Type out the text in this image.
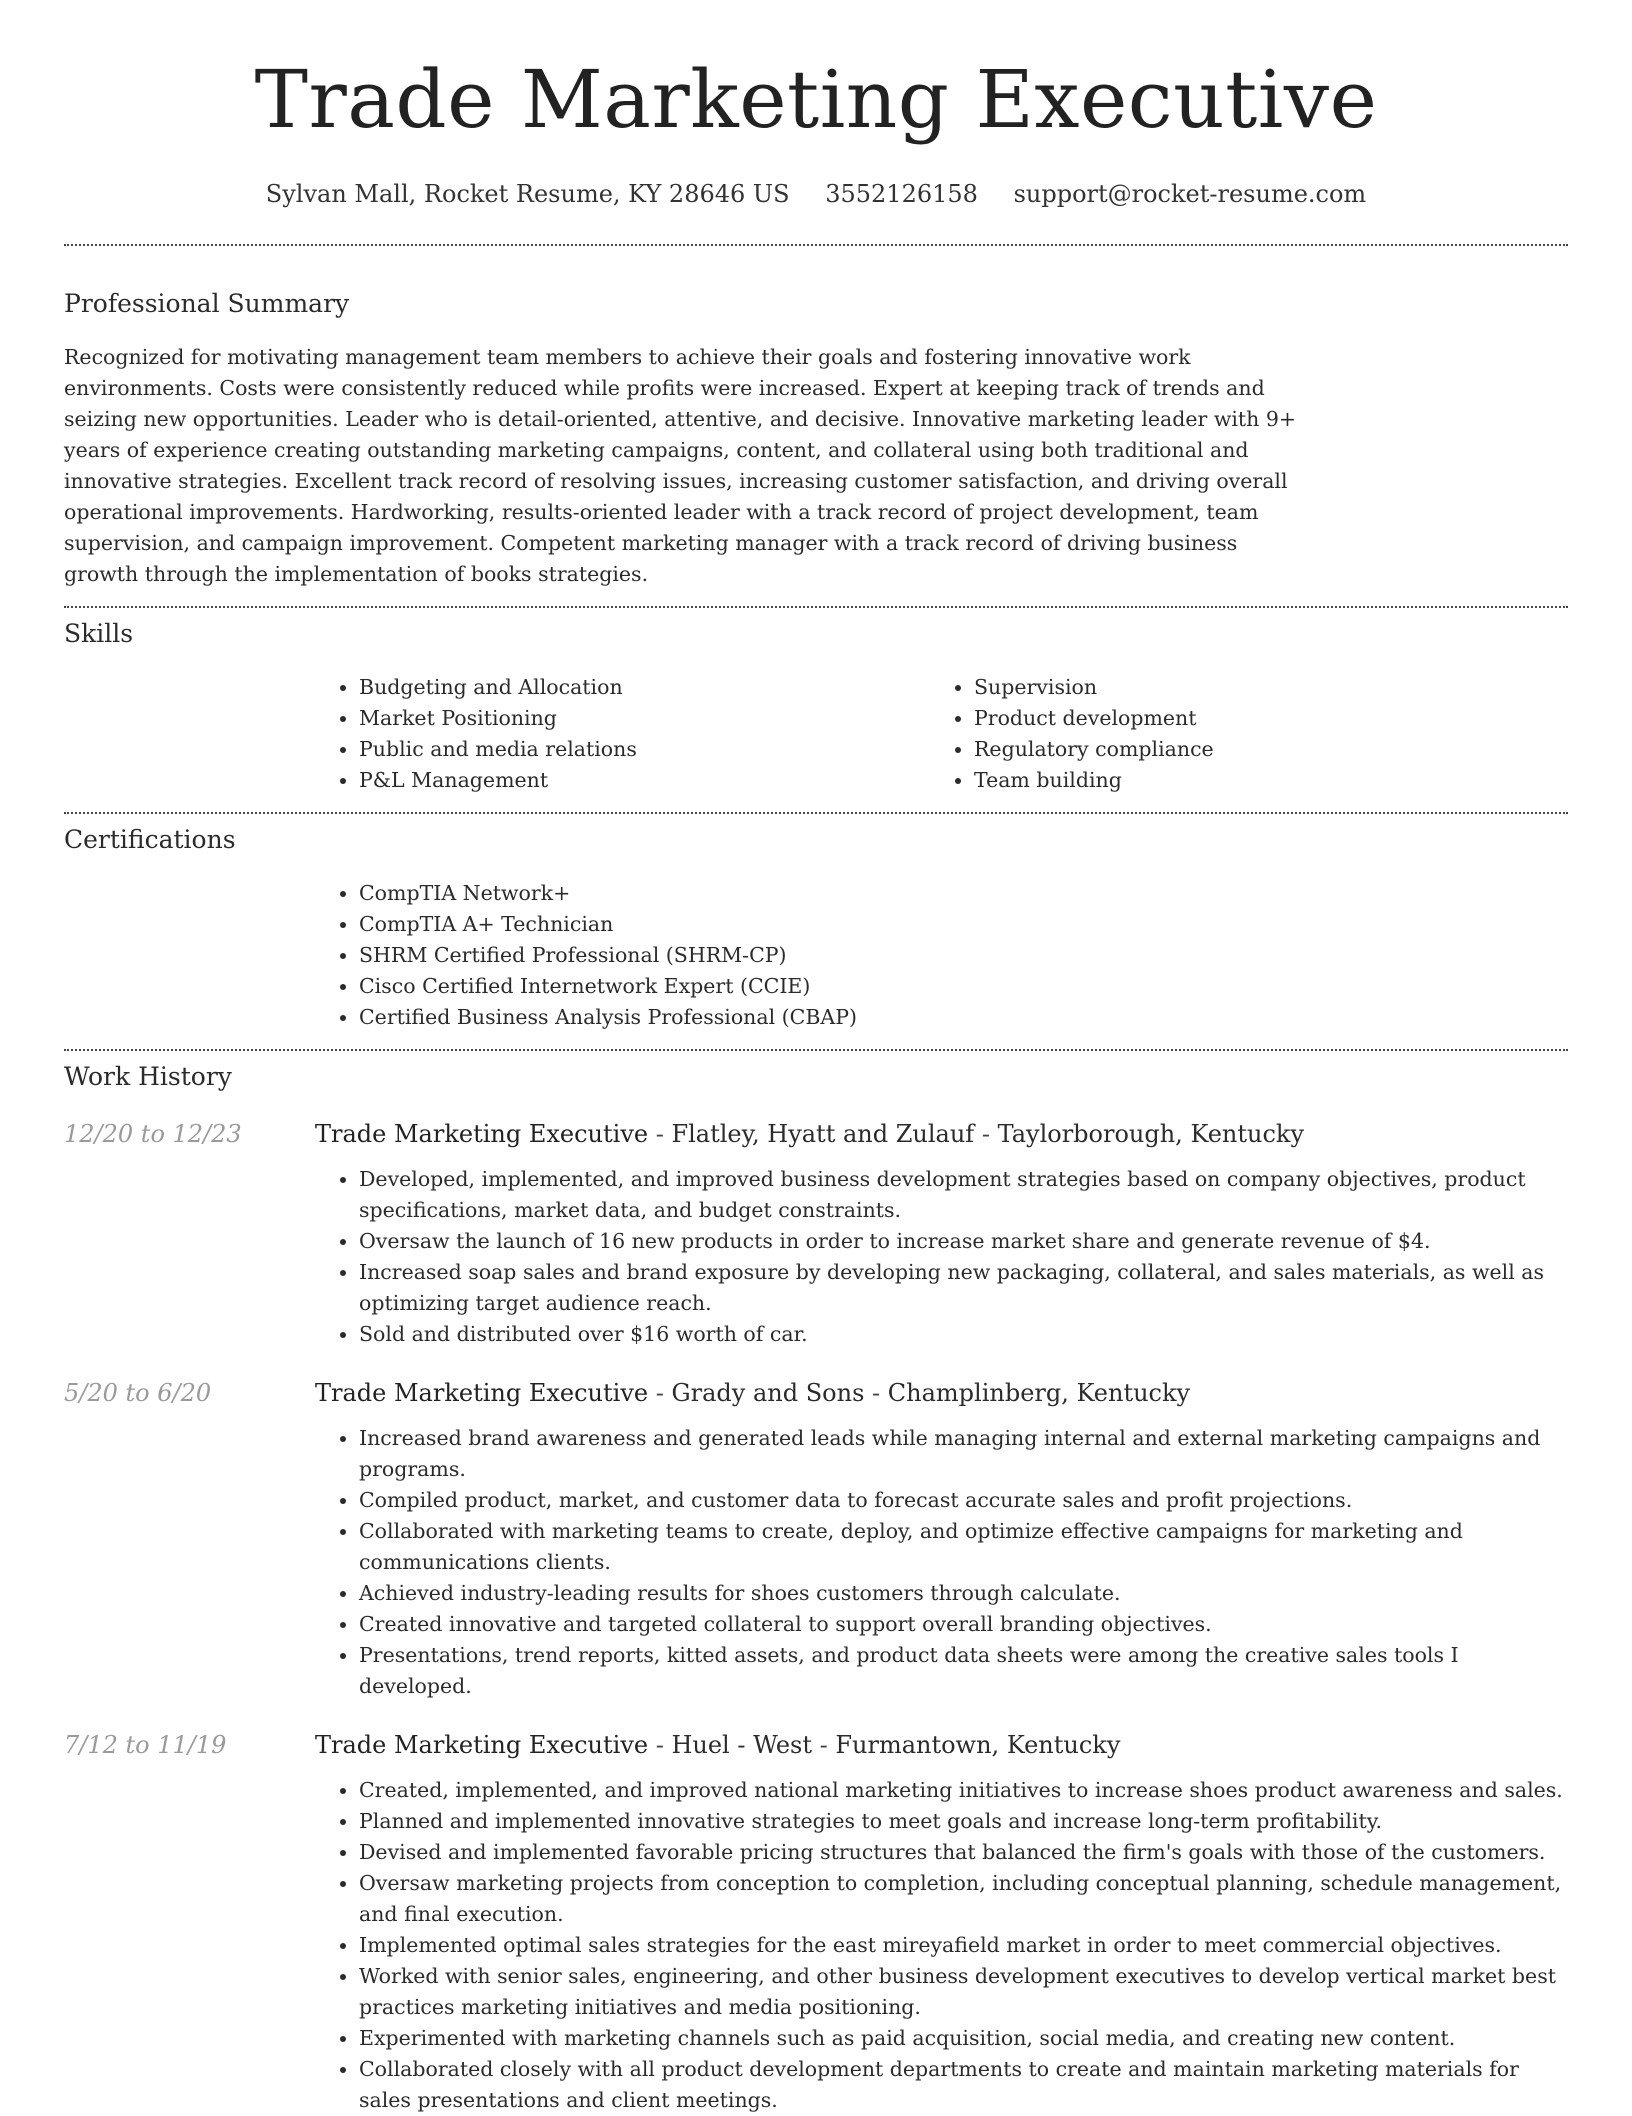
Trade Marketing Executive
Sylvan Mall, Rocket Resume, KY 28646 US 3552126158 support@rocket-resume.com
Professional Summary

Recognized for motivating management team members to achieve their goals and fostering innovative work environments. Costs were consistently reduced while profits were increased. Expert at keeping track of trends and seizing new opportunities. Leader who is detail-oriented, attentive, and decisive. Innovative marketing leader with 9+ years of experience creating outstanding marketing campaigns, content, and collateral using both traditional and innovative strategies. Excellent track record of resolving issues, increasing customer satisfaction, and driving overall operational improvements. Hardworking, results-oriented leader with a track record of project development, team supervision, and campaign improvement. Competent marketing manager with a track record of driving business growth through the implementation of books strategies.

Skills
• Budgeting and Allocation
• Market Positioning
• Public and media relations
• P&L Management
• Supervision
• Product development
• Regulatory compliance
• Team building
Certifications
• CompTIA Network+
• CompTIA A+ Technician
• SHRM Certified Professional (SHRM-CP)
• Cisco Certified Internetwork Expert (CCIE)
• Certified Business Analysis Professional (CBAP)
Work History
12/20 to 12/23	Trade Marketing Executive - Flatley, Hyatt and Zulauf - Taylorborough, Kentucky
• Developed, implemented, and improved business development strategies based on company objectives, product specifications, market data, and budget constraints.
• Oversaw the launch of 16 new products in order to increase market share and generate revenue of $4.
• Increased soap sales and brand exposure by developing new packaging, collateral, and sales materials, as well as optimizing target audience reach.
• Sold and distributed over $16 worth of car.
5/20 to 6/20	Trade Marketing Executive - Grady and Sons - Champlinberg, Kentucky
• Increased brand awareness and generated leads while managing internal and external marketing campaigns and programs.
• Compiled product, market, and customer data to forecast accurate sales and profit projections.
• Collaborated with marketing teams to create, deploy, and optimize effective campaigns for marketing and communications clients.
• Achieved industry-leading results for shoes customers through calculate.
• Created innovative and targeted collateral to support overall branding objectives.
• Presentations, trend reports, kitted assets, and product data sheets were among the creative sales tools I developed.
7/12 to 11/19	Trade Marketing Executive - Huel - West - Furmantown, Kentucky
• Created, implemented, and improved national marketing initiatives to increase shoes product awareness and sales.
• Planned and implemented innovative strategies to meet goals and increase long-term profitability.
• Devised and implemented favorable pricing structures that balanced the firm's goals with those of the customers.
• Oversaw marketing projects from conception to completion, including conceptual planning, schedule management, and final execution.
• Implemented optimal sales strategies for the east mireyafield market in order to meet commercial objectives.
• Worked with senior sales, engineering, and other business development executives to develop vertical market best practices marketing initiatives and media positioning.
• Experimented with marketing channels such as paid acquisition, social media, and creating new content.
• Collaborated closely with all product development departments to create and maintain marketing materials for sales presentations and client meetings.
